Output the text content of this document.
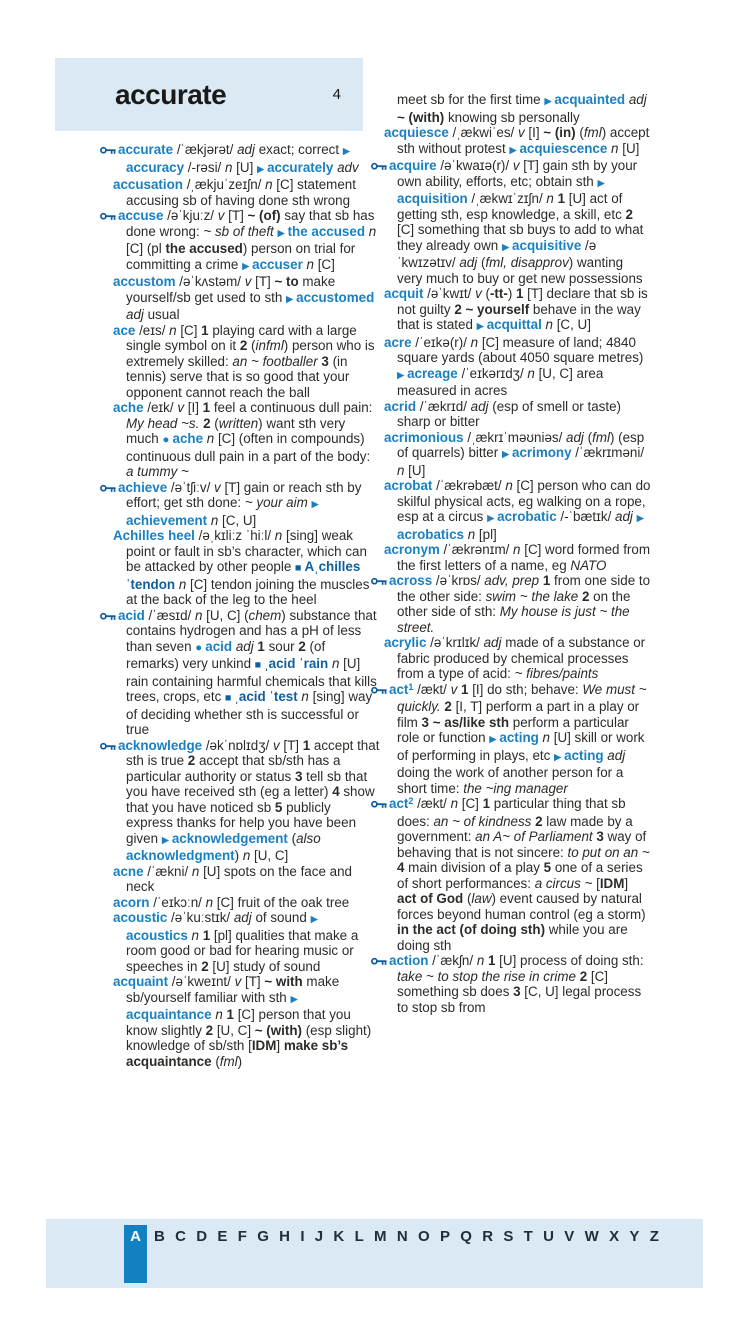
accurate	4

accurate /ˈækjərət/ adj exact; correct ▶ accuracy /-rəsi/ n [U] ▶ accurately adv

accusation /ˌækjuˈzeɪʃn/ n [C] statement accusing sb of having done sth wrong

accuse /əˈkjuːz/ v [T] ~ (of) say that sb has done wrong: ~ sb of theft ▶ the accused n [C] (pl the accused) person on trial for committing a crime ▶ accuser n [C]

accustom /əˈkʌstəm/ v [T] ~ to make yourself/sb get used to sth ▶ accustomed adj usual

ace /eɪs/ n [C] 1 playing card with a large single symbol on it 2 (infml) person who is extremely skilled: an ~ footballer 3 (in tennis) serve that is so good that your opponent cannot reach the ball

ache /eɪk/ v [I] 1 feel a continuous dull pain: My head ~s. 2 (written) want sth very much ● ache n [C] (often in compounds) continuous dull pain in a part of the body: a tummy ~

achieve /əˈtʃiːv/ v [T] gain or reach sth by effort; get sth done: ~ your aim ▶ achievement n [C, U]

Achilles heel /əˌkɪliːz ˈhiːl/ n [sing] weak point or fault in sb’s character, which can be attacked by other people ■ Aˌchilles ˈtendon n [C] tendon joining the muscles at the back of the leg to the heel

acid /ˈæsɪd/ n [U, C] (chem) substance that contains hydrogen and has a pH of less than seven ● acid adj 1 sour 2 (of remarks) very unkind ■ ˌacid ˈrain n [U] rain containing harmful chemicals that kills trees, crops, etc ■ ˌacid ˈtest n [sing] way of deciding whether sth is successful or true

acknowledge /əkˈnɒlɪdʒ/ v [T] 1 accept that sth is true 2 accept that sb/sth has a particular authority or status 3 tell sb that you have received sth (eg a letter) 4 show that you have noticed sb 5 publicly express thanks for help you have been given ▶ acknowledgement (also acknowledgment) n [U, C]

acne /ˈækni/ n [U] spots on the face and neck

acorn /ˈeɪkɔːn/ n [C] fruit of the oak tree

acoustic /əˈkuːstɪk/ adj of sound ▶ acoustics n 1 [pl] qualities that make a room good or bad for hearing music or speeches in 2 [U] study of sound

acquaint /əˈkweɪnt/ v [T] ~ with make sb/yourself familiar with sth ▶ acquaintance n 1 [C] person that you know slightly 2 [U, C] ~ (with) (esp slight) knowledge of sb/sth [IDM] make sb’s acquaintance (fml)

meet sb for the first time ▶ acquainted adj ~ (with) knowing sb personally

acquiesce /ˌækwiˈes/ v [I] ~ (in) (fml) accept sth without protest ▶ acquiescence n [U]

acquire /əˈkwaɪə(r)/ v [T] gain sth by your own ability, efforts, etc; obtain sth ▶ acquisition /ˌækwɪˈzɪʃn/ n 1 [U] act of getting sth, esp knowledge, a skill, etc 2 [C] something that sb buys to add to what they already own ▶ acquisitive /əˈkwɪzətɪv/ adj (fml, disapprov) wanting very much to buy or get new possessions

acquit /əˈkwɪt/ v (-tt-) 1 [T] declare that sb is not guilty 2 ~ yourself behave in the way that is stated ▶ acquittal n [C, U]

acre /ˈeɪkə(r)/ n [C] measure of land; 4840 square yards (about 4050 square metres) ▶ acreage /ˈeɪkərɪdʒ/ n [U, C] area measured in acres

acrid /ˈækrɪd/ adj (esp of smell or taste) sharp or bitter

acrimonious /ˌækrɪˈməʊniəs/ adj (fml) (esp of quarrels) bitter ▶ acrimony /ˈækrɪməni/ n [U]

acrobat /ˈækrəbæt/ n [C] person who can do skilful physical acts, eg walking on a rope, esp at a circus ▶ acrobatic /-ˈbætɪk/ adj ▶ acrobatics n [pl]

acronym /ˈækrənɪm/ n [C] word formed from the first letters of a name, eg NATO

across /əˈkrɒs/ adv, prep 1 from one side to the other side: swim ~ the lake 2 on the other side of sth: My house is just ~ the street.

acrylic /əˈkrɪlɪk/ adj made of a substance or fabric produced by chemical processes from a type of acid: ~ fibres/paints

act$^1$ /ækt/ v 1 [I] do sth; behave: We must ~ quickly. 2 [I, T] perform a part in a play or film 3 ~ as/like sth perform a particular role or function ▶ acting n [U] skill or work of performing in plays, etc ▶ acting adj doing the work of another person for a short time: the ~ing manager

act$^2$ /ækt/ n [C] 1 particular thing that sb does: an ~ of kindness 2 law made by a government: an A~ of Parliament 3 way of behaving that is not sincere: to put on an ~ 4 main division of a play 5 one of a series of short performances: a circus ~ [IDM] act of God (law) event caused by natural forces beyond human control (eg a storm) in the act (of doing sth) while you are doing sth

action /ˈækʃn/ n 1 [U] process of doing sth: take ~ to stop the rise in crime 2 [C] something sb does 3 [C, U] legal process to stop sb from

A B C D E F G H I J K L M N O P Q R S T U V W X Y Z
